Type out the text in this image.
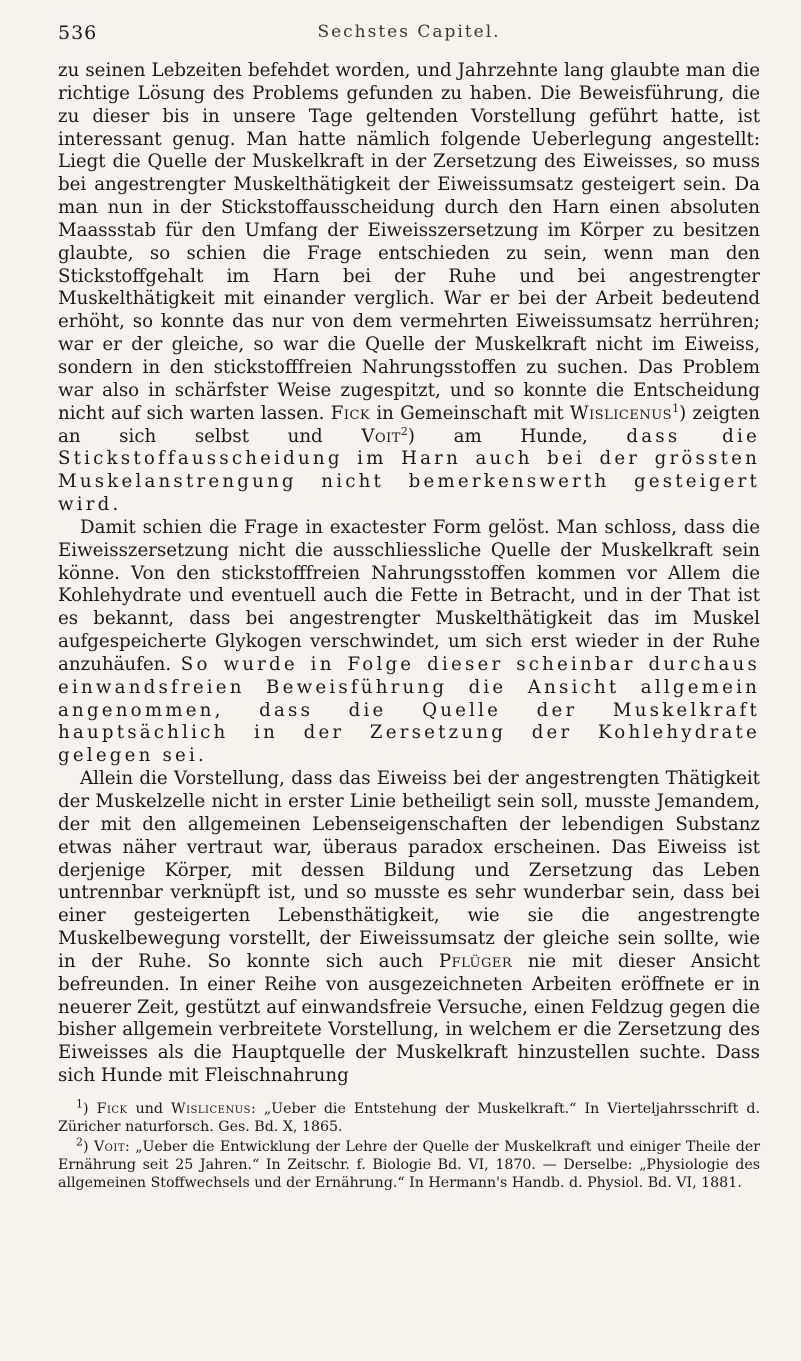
536	Sechstes Capitel.

zu seinen Lebzeiten befehdet worden, und Jahrzehnte lang glaubte man die richtige Lösung des Problems gefunden zu haben. Die Beweisführung, die zu dieser bis in unsere Tage geltenden Vorstellung geführt hatte, ist interessant genug. Man hatte nämlich folgende Ueberlegung angestellt: Liegt die Quelle der Muskelkraft in der Zersetzung des Eiweisses, so muss bei angestrengter Muskelthätigkeit der Eiweissumsatz gesteigert sein. Da man nun in der Stickstoffausscheidung durch den Harn einen absoluten Maassstab für den Umfang der Eiweisszersetzung im Körper zu besitzen glaubte, so schien die Frage entschieden zu sein, wenn man den Stickstoffgehalt im Harn bei der Ruhe und bei angestrengter Muskelthätigkeit mit einander verglich. War er bei der Arbeit bedeutend erhöht, so konnte das nur von dem vermehrten Eiweissumsatz herrühren; war er der gleiche, so war die Quelle der Muskelkraft nicht im Eiweiss, sondern in den stickstofffreien Nahrungsstoffen zu suchen. Das Problem war also in schärfster Weise zugespitzt, und so konnte die Entscheidung nicht auf sich warten lassen. Fick in Gemeinschaft mit Wislicenus$^1$) zeigten an sich selbst und Voit$^2$) am Hunde, dass die Stickstoffausscheidung im Harn auch bei der grössten Muskelanstrengung nicht bemerkenswerth gesteigert wird.

Damit schien die Frage in exactester Form gelöst. Man schloss, dass die Eiweisszersetzung nicht die ausschliessliche Quelle der Muskelkraft sein könne. Von den stickstofffreien Nahrungsstoffen kommen vor Allem die Kohlehydrate und eventuell auch die Fette in Betracht, und in der That ist es bekannt, dass bei angestrengter Muskelthätigkeit das im Muskel aufgespeicherte Glykogen verschwindet, um sich erst wieder in der Ruhe anzuhäufen. So wurde in Folge dieser scheinbar durchaus einwandsfreien Beweisführung die Ansicht allgemein angenommen, dass die Quelle der Muskelkraft hauptsächlich in der Zersetzung der Kohlehydrate gelegen sei.

Allein die Vorstellung, dass das Eiweiss bei der angestrengten Thätigkeit der Muskelzelle nicht in erster Linie betheiligt sein soll, musste Jemandem, der mit den allgemeinen Lebenseigenschaften der lebendigen Substanz etwas näher vertraut war, überaus paradox erscheinen. Das Eiweiss ist derjenige Körper, mit dessen Bildung und Zersetzung das Leben untrennbar verknüpft ist, und so musste es sehr wunderbar sein, dass bei einer gesteigerten Lebensthätigkeit, wie sie die angestrengte Muskelbewegung vorstellt, der Eiweissumsatz der gleiche sein sollte, wie in der Ruhe. So konnte sich auch Pflüger nie mit dieser Ansicht befreunden. In einer Reihe von ausgezeichneten Arbeiten eröffnete er in neuerer Zeit, gestützt auf einwandsfreie Versuche, einen Feldzug gegen die bisher allgemein verbreitete Vorstellung, in welchem er die Zersetzung des Eiweisses als die Hauptquelle der Muskelkraft hinzustellen suchte. Dass sich Hunde mit Fleischnahrung

$^1$) Fick und Wislicenus: „Ueber die Entstehung der Muskelkraft.“ In Vierteljahrsschrift d. Züricher naturforsch. Ges. Bd. X, 1865.

$^2$) Voit: „Ueber die Entwicklung der Lehre der Quelle der Muskelkraft und einiger Theile der Ernährung seit 25 Jahren.“ In Zeitschr. f. Biologie Bd. VI, 1870. — Derselbe: „Physiologie des allgemeinen Stoffwechsels und der Ernährung.“ In Hermann's Handb. d. Physiol. Bd. VI, 1881.
